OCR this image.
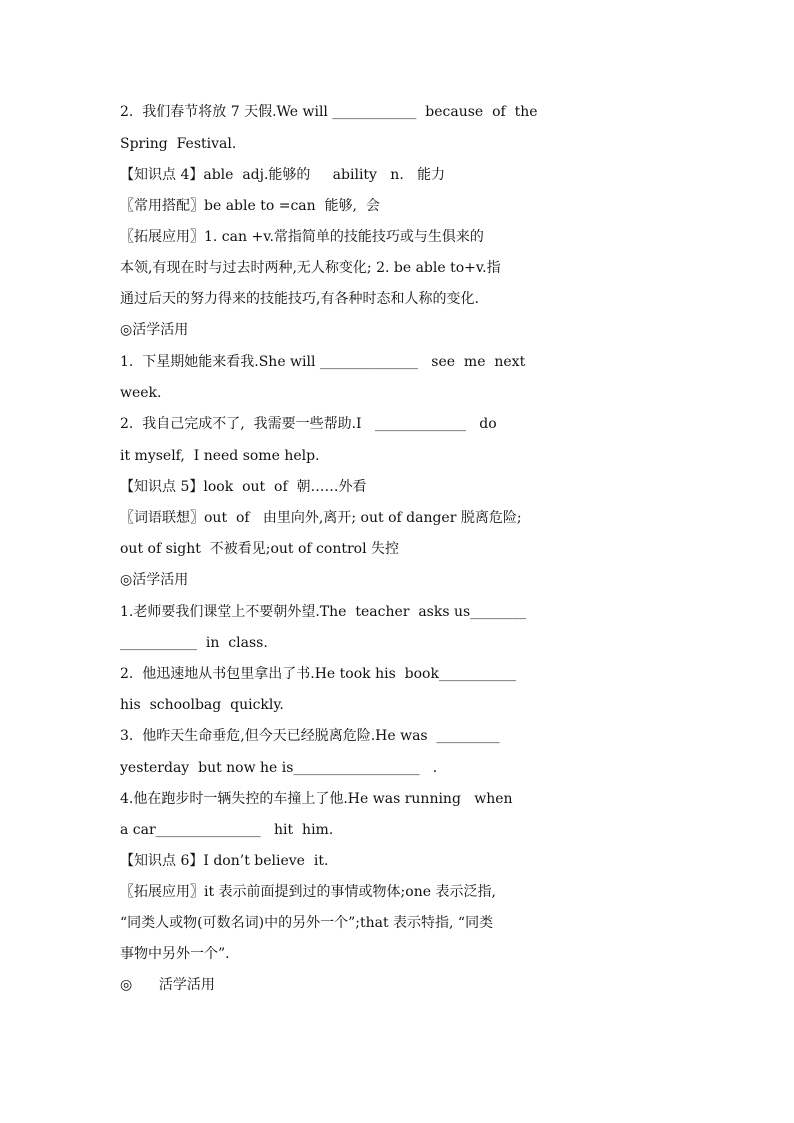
2.  我们春节将放 7 天假.We will ____________  because  of  the
Spring  Festival.
【知识点 4】able  adj.能够的     ability   n.   能力
〖常用搭配〗be able to =can  能够,  会
〖拓展应用〗1. can +v.常指简单的技能技巧或与生俱来的
本领,有现在时与过去时两种,无人称变化; 2. be able to+v.指
通过后天的努力得来的技能技巧,有各种时态和人称的变化.
◎活学活用
1.  下星期她能来看我.She will ______________   see  me  next
week.
2.  我自己完成不了,  我需要一些帮助.I   _____________   do
it myself,  I need some help.
【知识点 5】look  out  of  朝……外看
〖词语联想〗out  of   由里向外,离开; out of danger 脱离危险;
out of sight  不被看见;out of control 失控
◎活学活用
1.老师要我们课堂上不要朝外望.The  teacher  asks us________
___________  in  class.
2.  他迅速地从书包里拿出了书.He took his  book___________
his  schoolbag  quickly.
3.  他昨天生命垂危,但今天已经脱离危险.He was  _________
yesterday  but now he is__________________   .
4.他在跑步时一辆失控的车撞上了他.He was running   when
a car_______________   hit  him.
【知识点 6】I don’t believe  it.
〖拓展应用〗it 表示前面提到过的事情或物体;one 表示泛指,
“同类人或物(可数名词)中的另外一个”;that 表示特指, “同类
事物中另外一个”.
◎      活学活用
